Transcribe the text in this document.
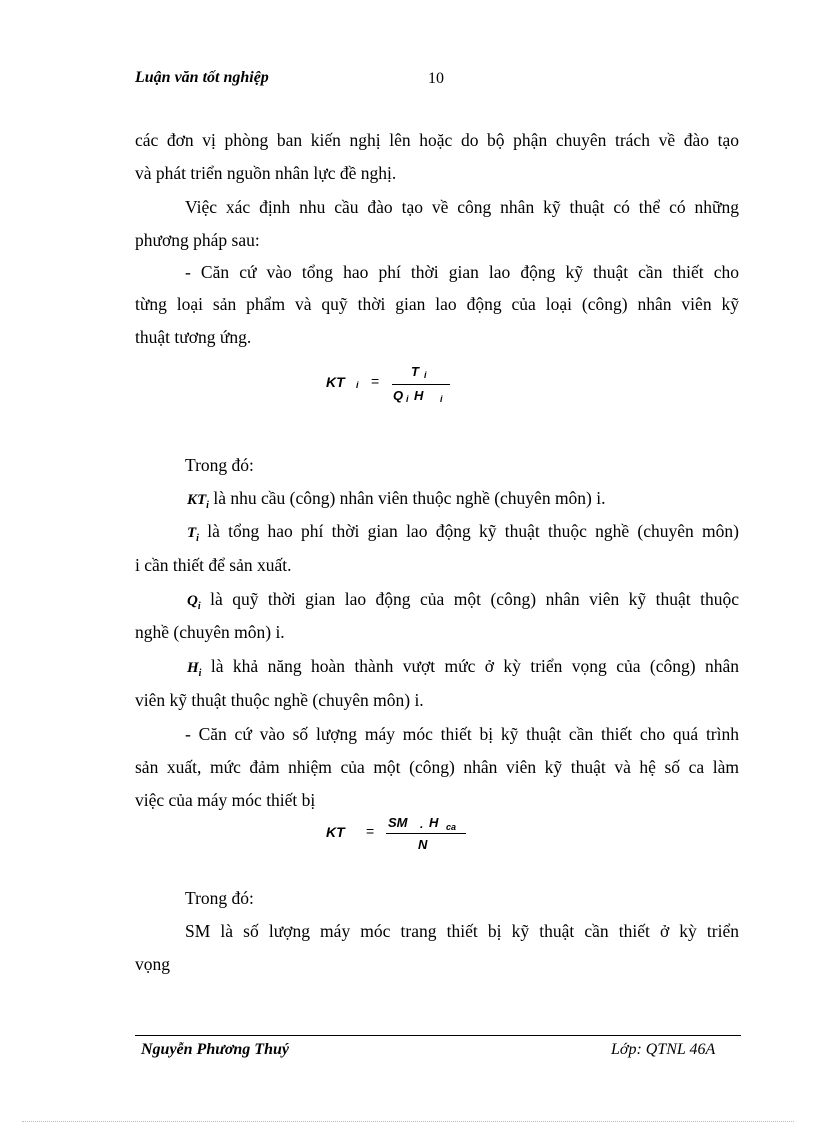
Luận văn tốt nghiệp	10
các đơn vị phòng ban kiến nghị lên hoặc do bộ phận chuyên trách về đào tạo
và phát triển nguồn nhân lực đề nghị.
Việc xác định nhu cầu đào tạo về công nhân kỹ thuật có thể có những
phương pháp sau:
- Căn cứ vào tổng hao phí thời gian lao động kỹ thuật cần thiết cho
từng loại sản phẩm và quỹ thời gian lao động của loại (công) nhân viên kỹ
thuật tương ứng.
KT i =
T i
Q i H i
Trong đó:
$KT_i$ là nhu cầu (công) nhân viên thuộc nghề (chuyên môn) i.
$T_i$ là tổng hao phí thời gian lao động kỹ thuật thuộc nghề (chuyên môn)
i cần thiết để sản xuất.
$Q_i$ là quỹ thời gian lao động của một (công) nhân viên kỹ thuật thuộc
nghề (chuyên môn) i.
$H_i$ là khả năng hoàn thành vượt mức ở kỳ triển vọng của (công) nhân
viên kỹ thuật thuộc nghề (chuyên môn) i.
- Căn cứ vào số lượng máy móc thiết bị kỹ thuật cần thiết cho quá trình
sản xuất, mức đảm nhiệm của một (công) nhân viên kỹ thuật và hệ số ca làm
việc của máy móc thiết bị
KT =
SM . H ca
N
Trong đó:
SM là số lượng máy móc trang thiết bị kỹ thuật cần thiết ở kỳ triển
vọng
Nguyễn Phương Thuý	Lớp: QTNL 46A
